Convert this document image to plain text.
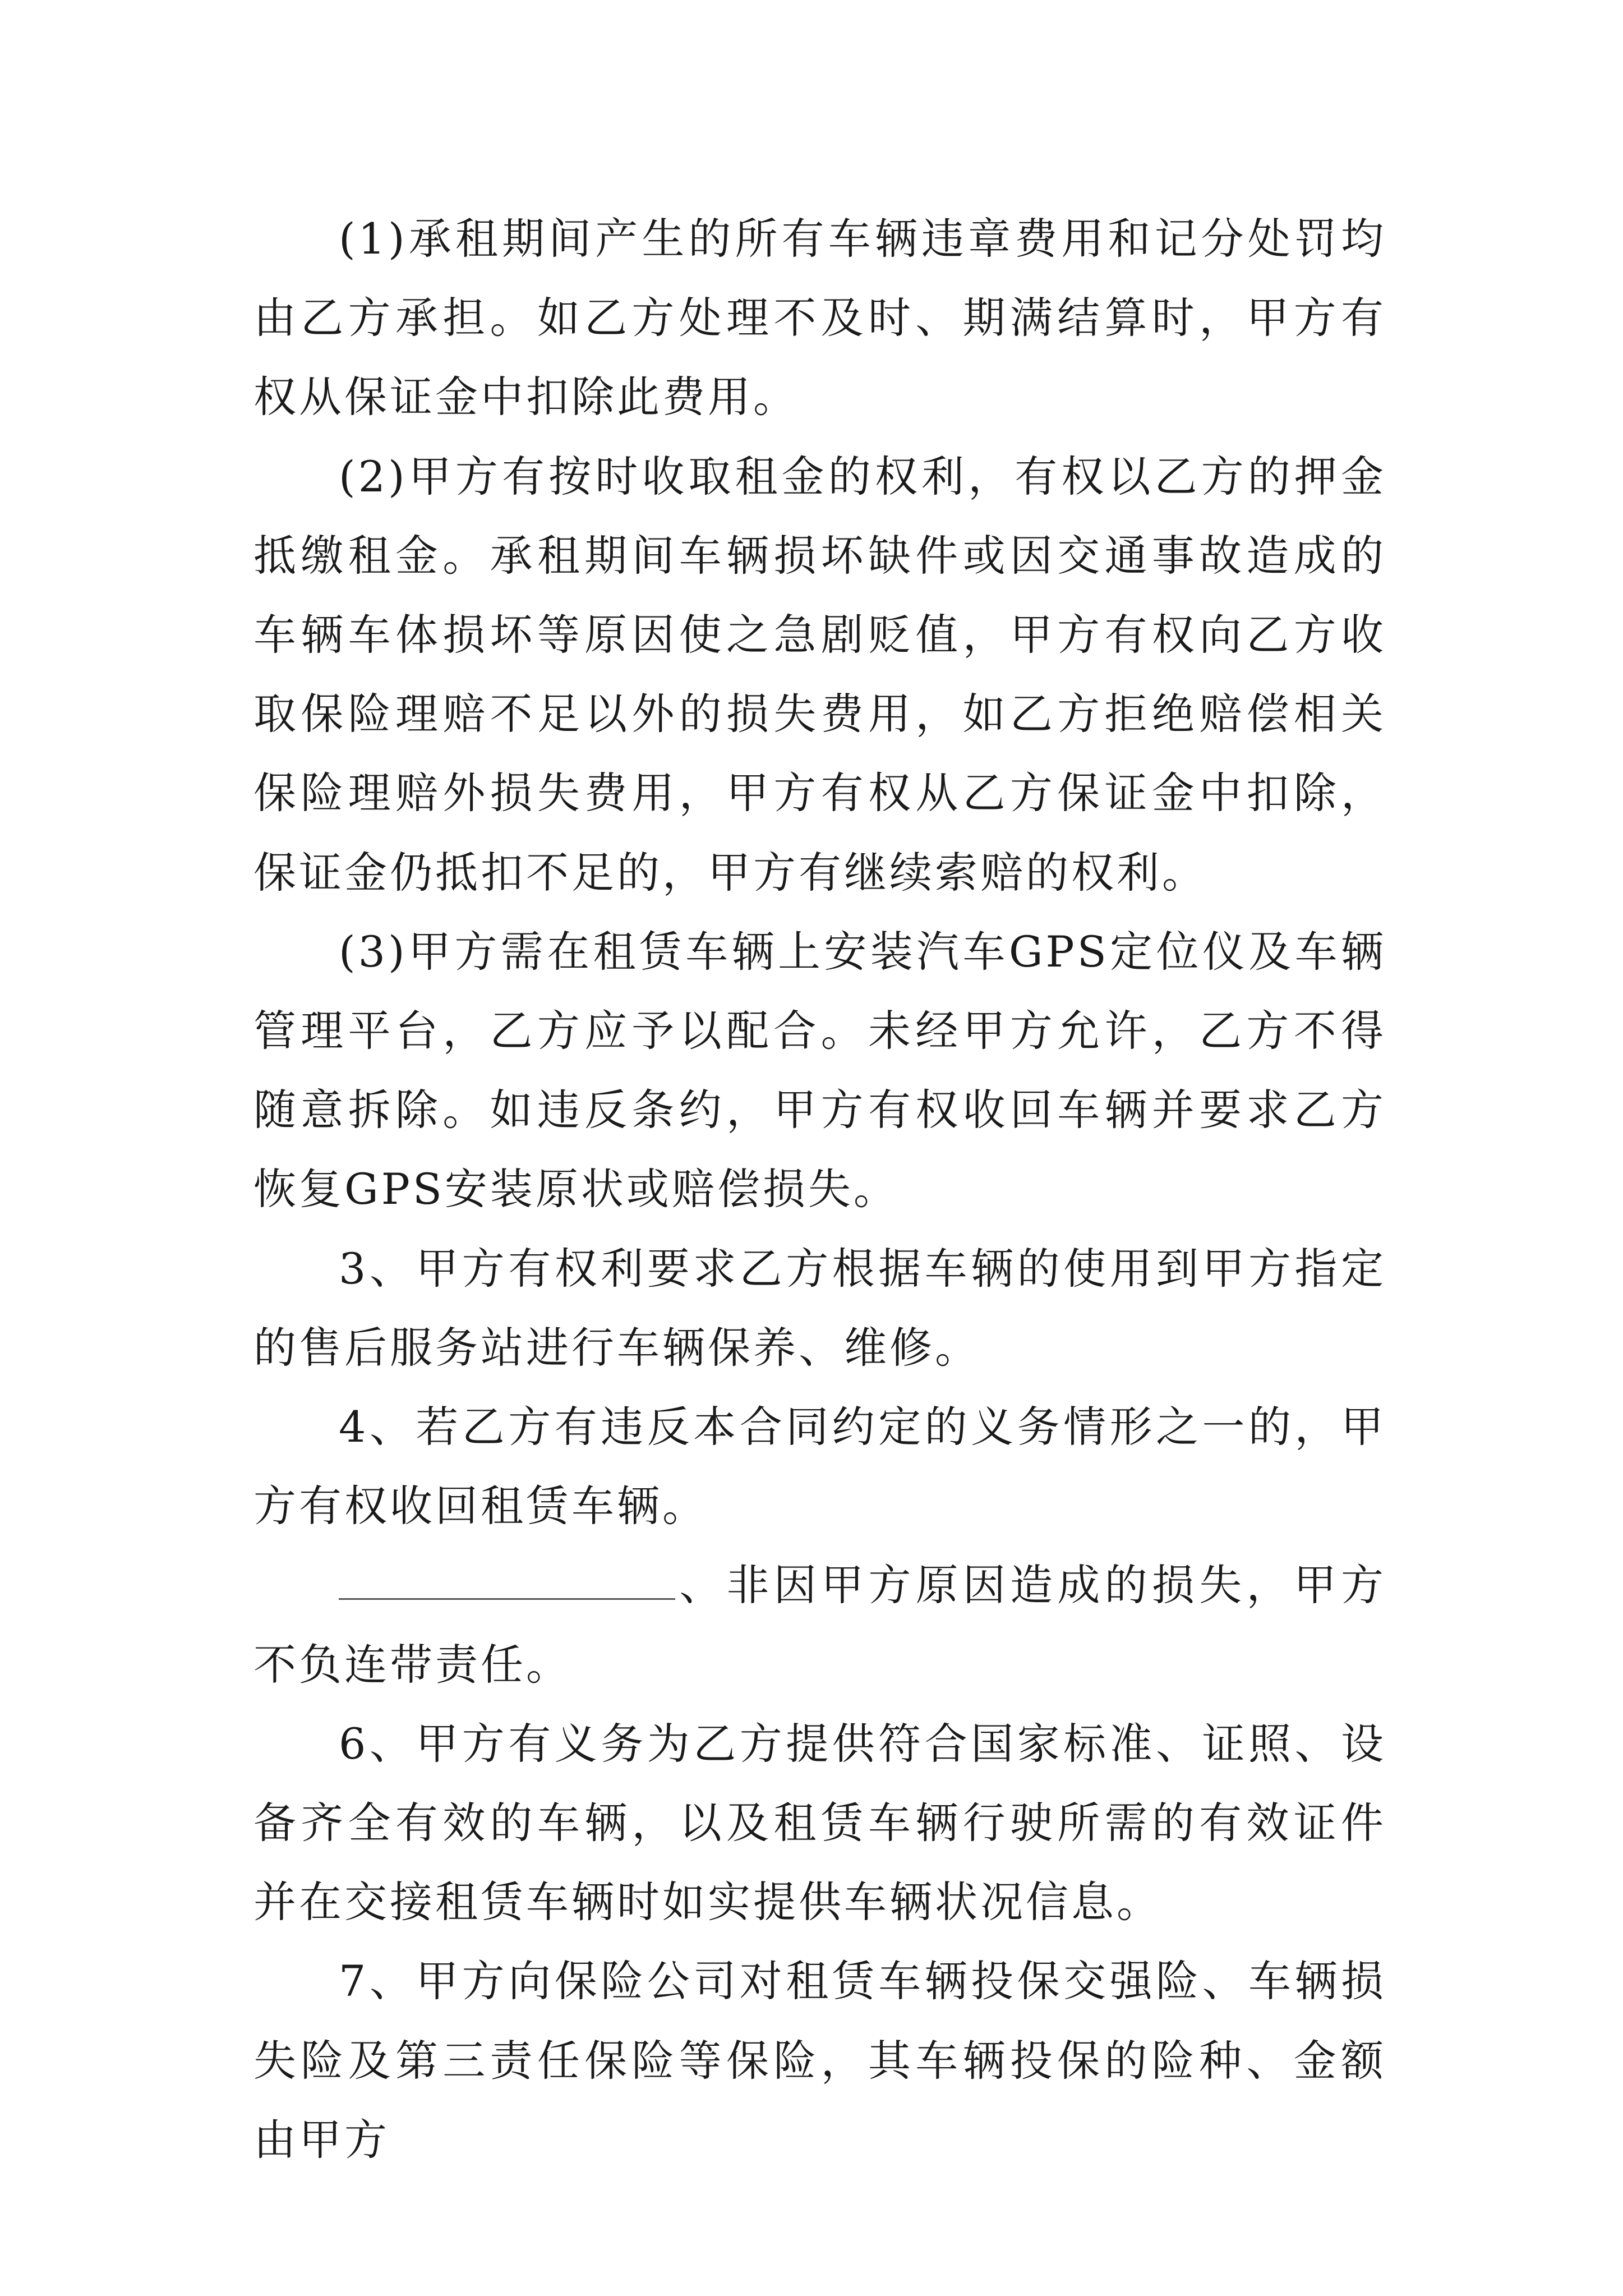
(1)承租期间产生的所有车辆违章费用和记分处罚均由乙方承担。如乙方处理不及时、期满结算时，甲方有权从保证金中扣除此费用。

(2)甲方有按时收取租金的权利，有权以乙方的押金抵缴租金。承租期间车辆损坏缺件或因交通事故造成的车辆车体损坏等原因使之急剧贬值，甲方有权向乙方收取保险理赔不足以外的损失费用，如乙方拒绝赔偿相关保险理赔外损失费用，甲方有权从乙方保证金中扣除，保证金仍抵扣不足的，甲方有继续索赔的权利。

(3)甲方需在租赁车辆上安装汽车GPS定位仪及车辆管理平台，乙方应予以配合。未经甲方允许，乙方不得随意拆除。如违反条约，甲方有权收回车辆并要求乙方恢复GPS安装原状或赔偿损失。

3、甲方有权利要求乙方根据车辆的使用到甲方指定的售后服务站进行车辆保养、维修。

4、若乙方有违反本合同约定的义务情形之一的，甲方有权收回租赁车辆。

、非因甲方原因造成的损失，甲方不负连带责任。

6、甲方有义务为乙方提供符合国家标准、证照、设备齐全有效的车辆，以及租赁车辆行驶所需的有效证件并在交接租赁车辆时如实提供车辆状况信息。

7、甲方向保险公司对租赁车辆投保交强险、车辆损失险及第三责任保险等保险，其车辆投保的险种、金额由甲方
